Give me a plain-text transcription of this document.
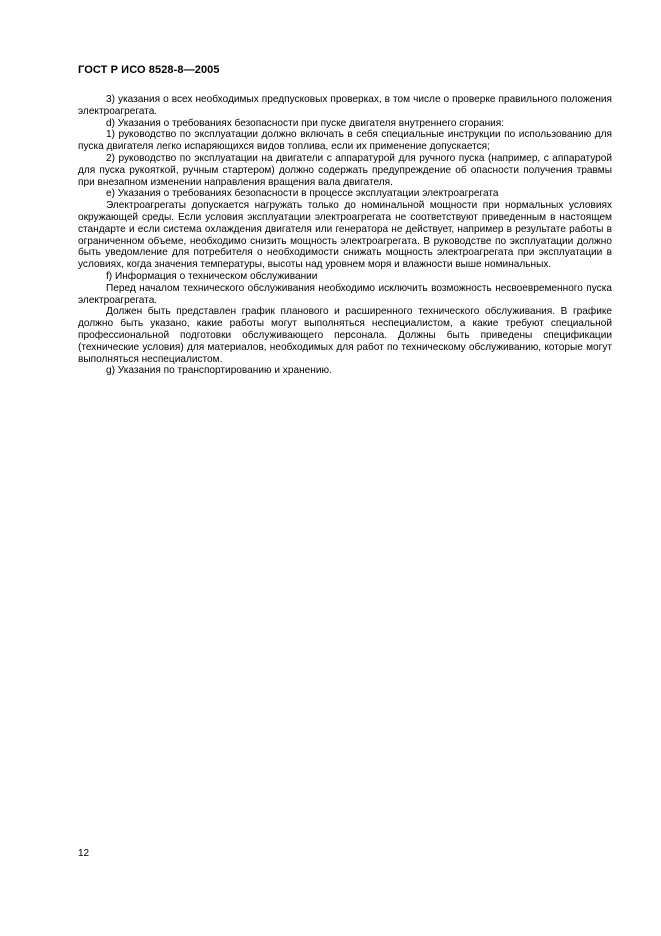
ГОСТ Р ИСО 8528-8—2005

3) указания о всех необходимых предпусковых проверках, в том числе о проверке правильного положения электроагрегата.

d) Указания о требованиях безопасности при пуске двигателя внутреннего сгорания:

1) руководство по эксплуатации должно включать в себя специальные инструкции по использованию для пуска двигателя легко испаряющихся видов топлива, если их применение допускается;

2) руководство по эксплуатации на двигатели с аппаратурой для ручного пуска (например, с аппаратурой для пуска рукояткой, ручным стартером) должно содержать предупреждение об опасности получения травмы при внезапном изменении направления вращения вала двигателя.

e) Указания о требованиях безопасности в процессе эксплуатации электроагрегата

Электроагрегаты допускается нагружать только до номинальной мощности при нормальных условиях окружающей среды. Если условия эксплуатации электроагрегата не соответствуют приведенным в настоящем стандарте и если система охлаждения двигателя или генератора не действует, например в результате работы в ограниченном объеме, необходимо снизить мощность электроагрегата. В руководстве по эксплуатации должно быть уведомление для потребителя о необходимости снижать мощность электроагрегата при эксплуатации в условиях, когда значения температуры, высоты над уровнем моря и влажности выше номинальных.

f) Информация о техническом обслуживании

Перед началом технического обслуживания необходимо исключить возможность несвоевременного пуска электроагрегата.

Должен быть представлен график планового и расширенного технического обслуживания. В графике должно быть указано, какие работы могут выполняться неспециалистом, а какие требуют специальной профессиональной подготовки обслуживающего персонала. Должны быть приведены спецификации (технические условия) для материалов, необходимых для работ по техническому обслуживанию, которые могут выполняться неспециалистом.

g) Указания по транспортированию и хранению.

12
